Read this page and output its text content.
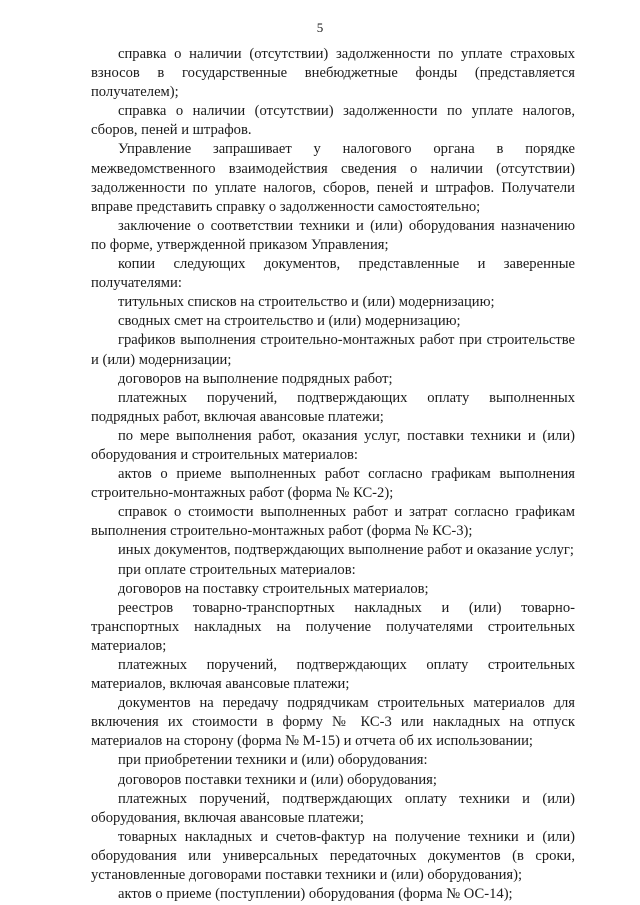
5

справка о наличии (отсутствии) задолженности по уплате страховых взносов в государственные внебюджетные фонды (представляется получателем);

справка о наличии (отсутствии) задолженности по уплате налогов, сборов, пеней и штрафов.

Управление запрашивает у налогового органа в порядке межведомственного взаимодействия сведения о наличии (отсутствии) задолженности по уплате налогов, сборов, пеней и штрафов. Получатели вправе представить справку о задолженности самостоятельно;

заключение о соответствии техники и (или) оборудования назначению по форме, утвержденной приказом Управления;

копии следующих документов, представленные и заверенные получателями:

титульных списков на строительство и (или) модернизацию;

сводных смет на строительство и (или) модернизацию;

графиков выполнения строительно-монтажных работ при строительстве и (или) модернизации;

договоров на выполнение подрядных работ;

платежных поручений, подтверждающих оплату выполненных подрядных работ, включая авансовые платежи;

по мере выполнения работ, оказания услуг, поставки техники и (или) оборудования и строительных материалов:

актов о приеме выполненных работ согласно графикам выполнения строительно-монтажных работ (форма № КС-2);

справок о стоимости выполненных работ и затрат согласно графикам выполнения строительно-монтажных работ (форма № КС-3);

иных документов, подтверждающих выполнение работ и оказание услуг;

при оплате строительных материалов:

договоров на поставку строительных материалов;

реестров товарно-транспортных накладных и (или) товарно-транспортных накладных на получение получателями строительных материалов;

платежных поручений, подтверждающих оплату строительных материалов, включая авансовые платежи;

документов на передачу подрядчикам строительных материалов для включения их стоимости в форму № КС-3 или накладных на отпуск материалов на сторону (форма № М-15) и отчета об их использовании;

при приобретении техники и (или) оборудования:

договоров поставки техники и (или) оборудования;

платежных поручений, подтверждающих оплату техники и (или) оборудования, включая авансовые платежи;

товарных накладных и счетов-фактур на получение техники и (или) оборудования или универсальных передаточных документов (в сроки, установленные договорами поставки техники и (или) оборудования);

актов о приеме (поступлении) оборудования (форма № ОС-14);
